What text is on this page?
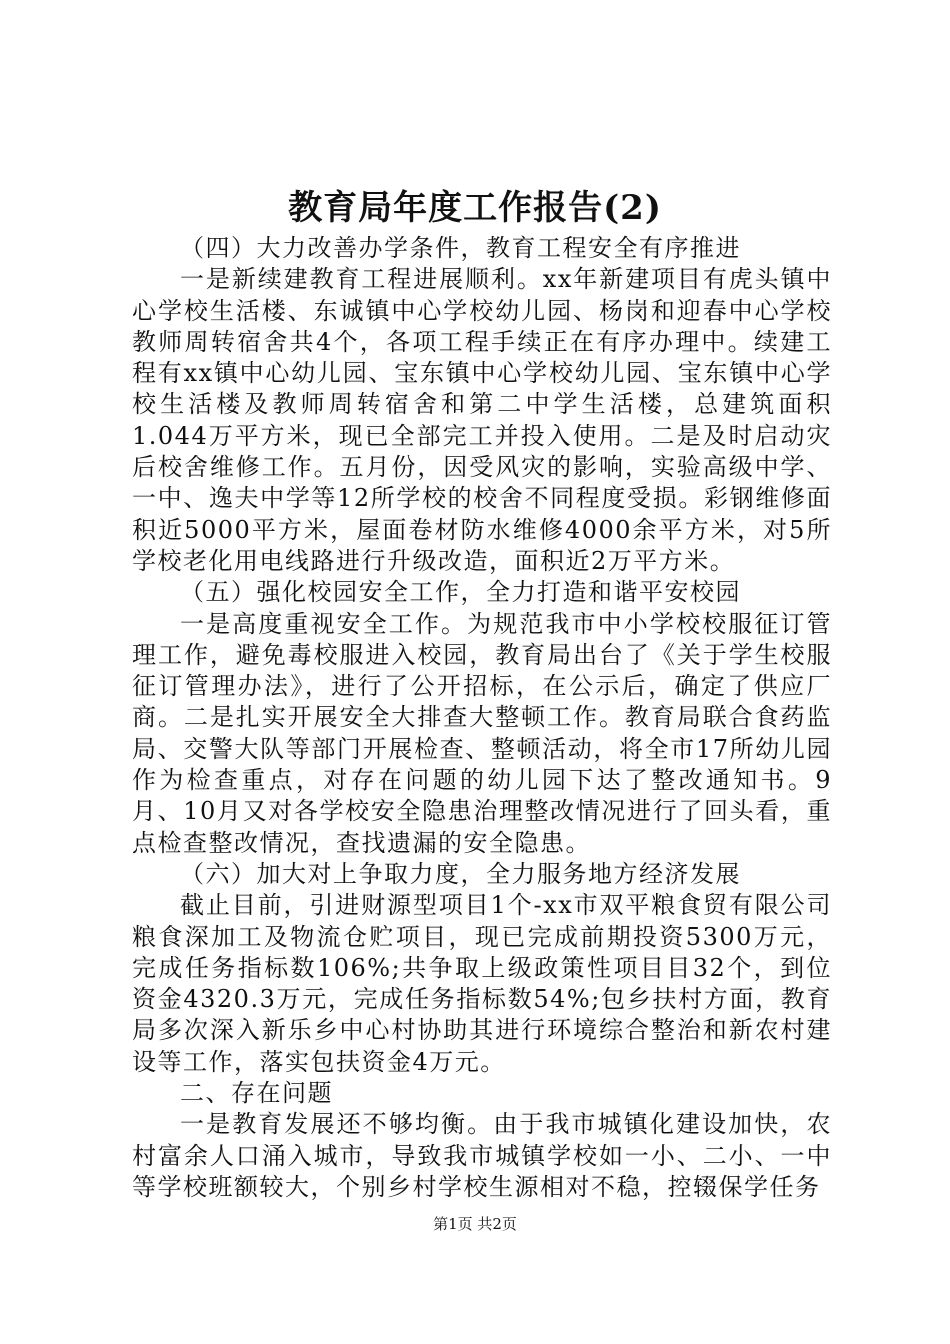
教育局年度工作报告(2)

（四）大力改善办学条件，教育工程安全有序推进

一是新续建教育工程进展顺利。xx年新建项目有虎头镇中心学校生活楼、东诚镇中心学校幼儿园、杨岗和迎春中心学校教师周转宿舍共4个，各项工程手续正在有序办理中。续建工程有xx镇中心幼儿园、宝东镇中心学校幼儿园、宝东镇中心学校生活楼及教师周转宿舍和第二中学生活楼，总建筑面积1.044万平方米，现已全部完工并投入使用。二是及时启动灾后校舍维修工作。五月份，因受风灾的影响，实验高级中学、一中、逸夫中学等12所学校的校舍不同程度受损。彩钢维修面积近5000平方米，屋面卷材防水维修4000余平方米，对5所学校老化用电线路进行升级改造，面积近2万平方米。

（五）强化校园安全工作，全力打造和谐平安校园

一是高度重视安全工作。为规范我市中小学校校服征订管理工作，避免毒校服进入校园，教育局出台了《关于学生校服征订管理办法》，进行了公开招标，在公示后，确定了供应厂商。二是扎实开展安全大排查大整顿工作。教育局联合食药监局、交警大队等部门开展检查、整顿活动，将全市17所幼儿园作为检查重点，对存在问题的幼儿园下达了整改通知书。9月、10月又对各学校安全隐患治理整改情况进行了回头看，重点检查整改情况，查找遗漏的安全隐患。

（六）加大对上争取力度，全力服务地方经济发展

截止目前，引进财源型项目1个-xx市双平粮食贸有限公司粮食深加工及物流仓贮项目，现已完成前期投资5300万元，完成任务指标数106%;共争取上级政策性项目目32个，到位资金4320.3万元，完成任务指标数54%;包乡扶村方面，教育局多次深入新乐乡中心村协助其进行环境综合整治和新农村建设等工作，落实包扶资金4万元。

二、存在问题

一是教育发展还不够均衡。由于我市城镇化建设加快，农村富余人口涌入城市，导致我市城镇学校如一小、二小、一中等学校班额较大，个别乡村学校生源相对不稳，控辍保学任务

第1页 共2页
